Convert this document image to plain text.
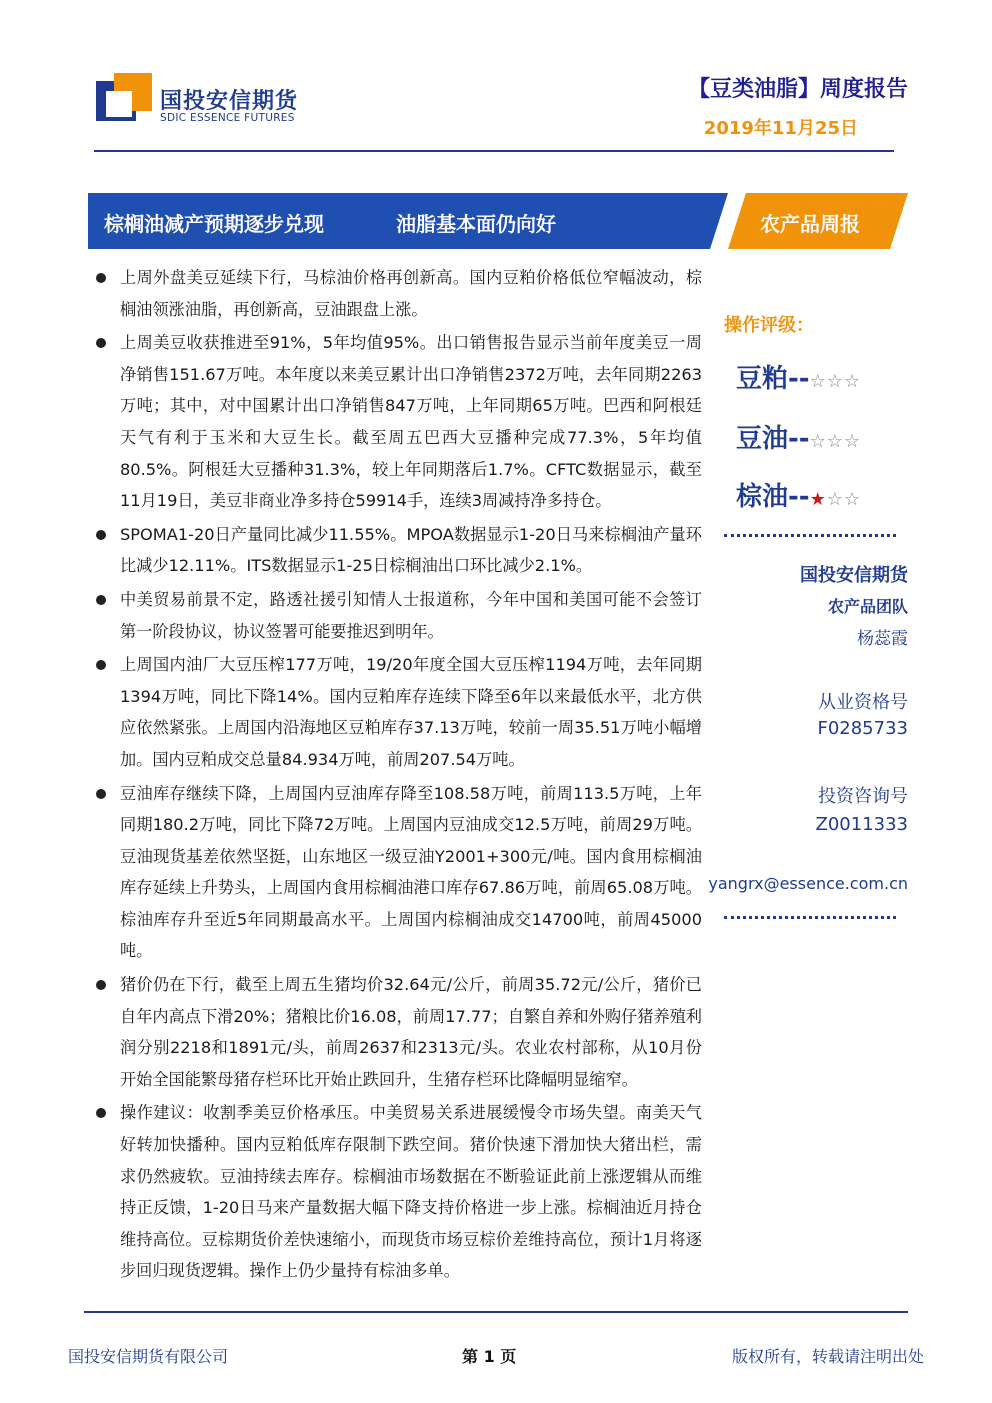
国投安信期货
SDIC ESSENCE FUTURES
【豆类油脂】周度报告
2019年11月25日
棕榈油减产预期逐步兑现	油脂基本面仍向好	农产品周报
上周外盘美豆延续下行，马棕油价格再创新高。国内豆粕价格低位窄幅波动，棕榈油领涨油脂，再创新高，豆油跟盘上涨。
上周美豆收获推进至91%，5年均值95%。出口销售报告显示当前年度美豆一周净销售151.67万吨。本年度以来美豆累计出口净销售2372万吨，去年同期2263万吨；其中，对中国累计出口净销售847万吨，上年同期65万吨。巴西和阿根廷天气有利于玉米和大豆生长。截至周五巴西大豆播种完成77.3%，5年均值80.5%。阿根廷大豆播种31.3%，较上年同期落后1.7%。CFTC数据显示，截至11月19日，美豆非商业净多持仓59914手，连续3周减持净多持仓。
SPOMA1-20日产量同比减少11.55%。MPOA数据显示1-20日马来棕榈油产量环比减少12.11%。ITS数据显示1-25日棕榈油出口环比减少2.1%。
中美贸易前景不定，路透社援引知情人士报道称，今年中国和美国可能不会签订第一阶段协议，协议签署可能要推迟到明年。
上周国内油厂大豆压榨177万吨，19/20年度全国大豆压榨1194万吨，去年同期1394万吨，同比下降14%。国内豆粕库存连续下降至6年以来最低水平，北方供应依然紧张。上周国内沿海地区豆粕库存37.13万吨，较前一周35.51万吨小幅增加。国内豆粕成交总量84.934万吨，前周207.54万吨。
豆油库存继续下降，上周国内豆油库存降至108.58万吨，前周113.5万吨，上年同期180.2万吨，同比下降72万吨。上周国内豆油成交12.5万吨，前周29万吨。豆油现货基差依然坚挺，山东地区一级豆油Y2001+300元/吨。国内食用棕榈油库存延续上升势头，上周国内食用棕榈油港口库存67.86万吨，前周65.08万吨。棕油库存升至近5年同期最高水平。上周国内棕榈油成交14700吨，前周45000吨。
猪价仍在下行，截至上周五生猪均价32.64元/公斤，前周35.72元/公斤，猪价已自年内高点下滑20%；猪粮比价16.08，前周17.77；自繁自养和外购仔猪养殖利润分别2218和1891元/头，前周2637和2313元/头。农业农村部称，从10月份开始全国能繁母猪存栏环比开始止跌回升，生猪存栏环比降幅明显缩窄。
操作建议：收割季美豆价格承压。中美贸易关系进展缓慢令市场失望。南美天气好转加快播种。国内豆粕低库存限制下跌空间。猪价快速下滑加快大猪出栏，需求仍然疲软。豆油持续去库存。棕榈油市场数据在不断验证此前上涨逻辑从而维持正反馈，1-20日马来产量数据大幅下降支持价格进一步上涨。棕榈油近月持仓维持高位。豆棕期货价差快速缩小，而现货市场豆棕价差维持高位，预计1月将逐步回归现货逻辑。操作上仍少量持有棕油多单。
操作评级：
豆粕--☆☆☆
豆油--☆☆☆
棕油--★☆☆
国投安信期货
农产品团队
杨蕊霞
从业资格号
F0285733
投资咨询号
Z0011333
yangrx@essence.com.cn
国投安信期货有限公司	第 1 页	版权所有，转载请注明出处
